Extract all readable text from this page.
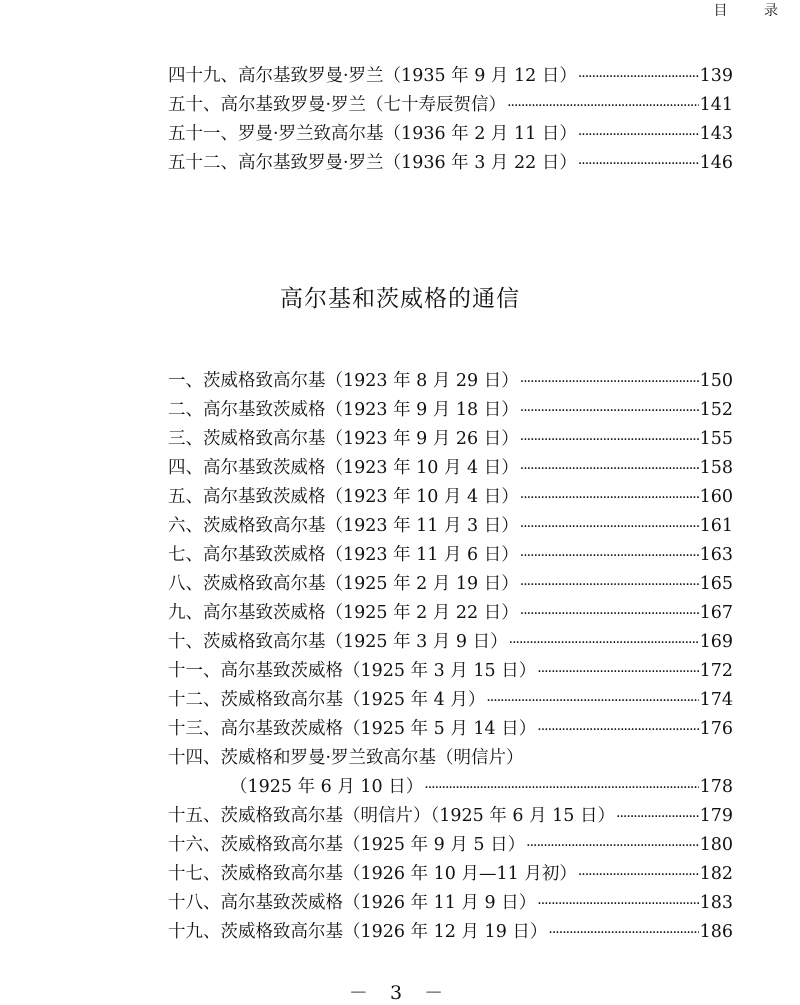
目 录
四十九、高尔基致罗曼·罗兰（1935 年 9 月 12 日） ·····	139
五十、高尔基致罗曼·罗兰（七十寿辰贺信） ·····	141
五十一、罗曼·罗兰致高尔基（1936 年 2 月 11 日） ·····	143
五十二、高尔基致罗曼·罗兰（1936 年 3 月 22 日） ·····	146
高尔基和茨威格的通信
一、茨威格致高尔基（1923 年 8 月 29 日） ·····	150
二、高尔基致茨威格（1923 年 9 月 18 日） ·····	152
三、茨威格致高尔基（1923 年 9 月 26 日） ·····	155
四、高尔基致茨威格（1923 年 10 月 4 日） ·····	158
五、高尔基致茨威格（1923 年 10 月 4 日） ·····	160
六、茨威格致高尔基（1923 年 11 月 3 日） ·····	161
七、高尔基致茨威格（1923 年 11 月 6 日） ·····	163
八、茨威格致高尔基（1925 年 2 月 19 日） ·····	165
九、高尔基致茨威格（1925 年 2 月 22 日） ·····	167
十、茨威格致高尔基（1925 年 3 月 9 日） ·····	169
十一、高尔基致茨威格（1925 年 3 月 15 日） ·····	172
十二、茨威格致高尔基（1925 年 4 月） ·····	174
十三、高尔基致茨威格（1925 年 5 月 14 日） ·····	176
十四、茨威格和罗曼·罗兰致高尔基（明信片）
（1925 年 6 月 10 日） ·····	178
十五、茨威格致高尔基（明信片）（1925 年 6 月 15 日） ·····	179
十六、茨威格致高尔基（1925 年 9 月 5 日） ·····	180
十七、茨威格致高尔基（1926 年 10 月—11 月初） ·····	182
十八、高尔基致茨威格（1926 年 11 月 9 日） ·····	183
十九、茨威格致高尔基（1926 年 12 月 19 日） ·····	186
－ 3 －
